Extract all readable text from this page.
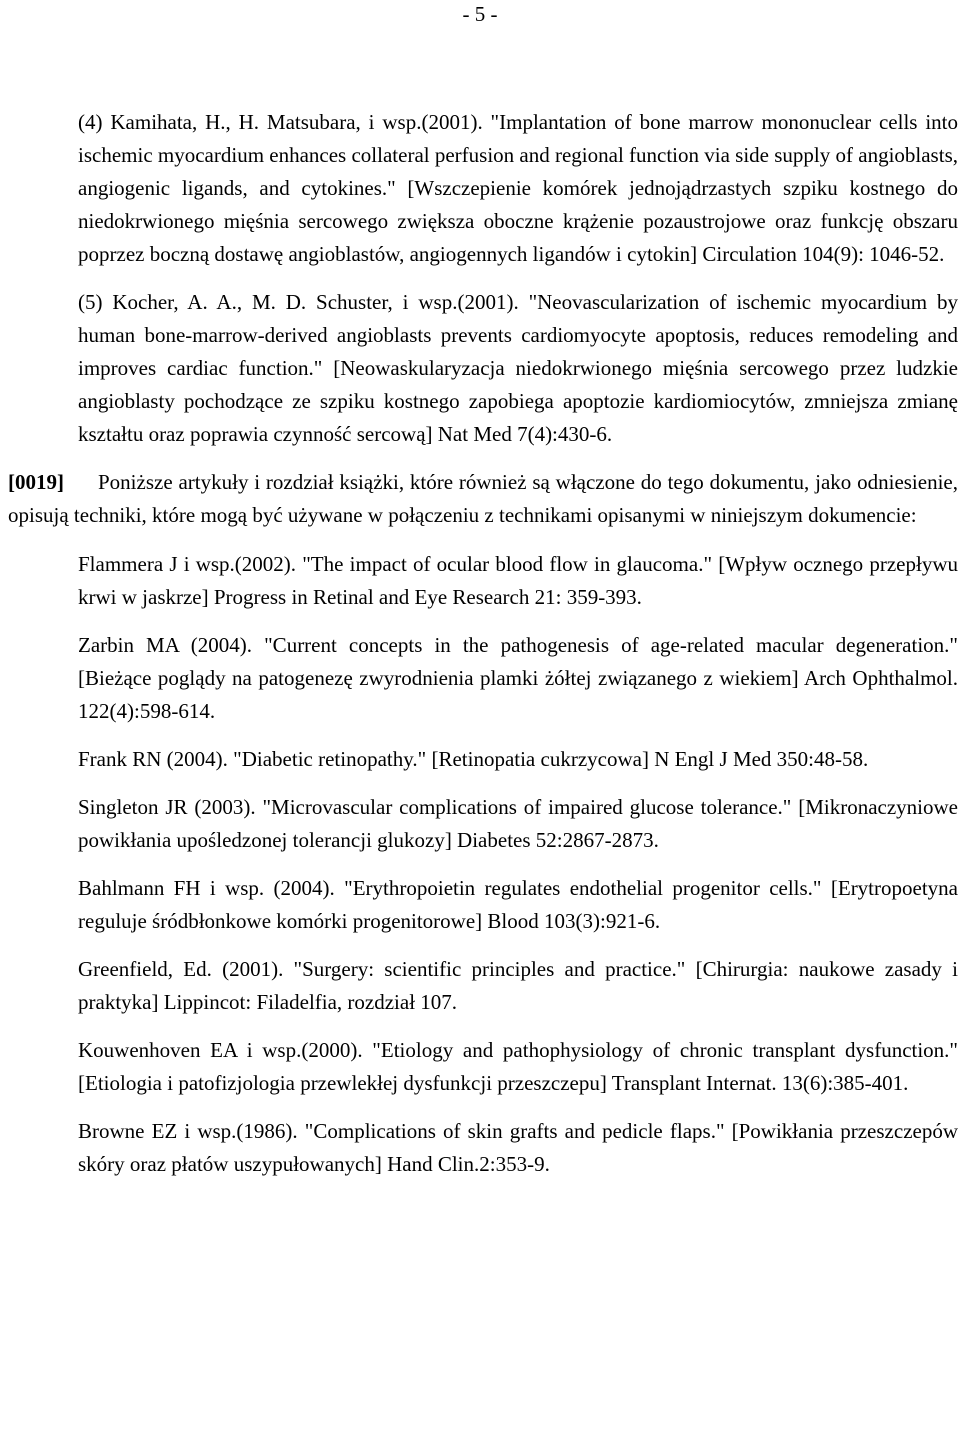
- 5 -

(4) Kamihata, H., H. Matsubara, i wsp.(2001). "Implantation of bone marrow mononuclear cells into ischemic myocardium enhances collateral perfusion and regional function via side supply of angioblasts, angiogenic ligands, and cytokines." [Wszczepienie komórek jednojądrzastych szpiku kostnego do niedokrwionego mięśnia sercowego zwiększa oboczne krążenie pozaustrojowe oraz funkcję obszaru poprzez boczną dostawę angioblastów, angiogennych ligandów i cytokin] Circulation 104(9): 1046-52.

(5) Kocher, A. A., M. D. Schuster, i wsp.(2001). "Neovascularization of ischemic myocardium by human bone-marrow-derived angioblasts prevents cardiomyocyte apoptosis, reduces remodeling and improves cardiac function." [Neowaskularyzacja niedokrwionego mięśnia sercowego przez ludzkie angioblasty pochodzące ze szpiku kostnego zapobiega apoptozie kardiomiocytów, zmniejsza zmianę kształtu oraz poprawia czynność sercową] Nat Med 7(4):430-6.

[0019] Poniższe artykuły i rozdział książki, które również są włączone do tego dokumentu, jako odniesienie, opisują techniki, które mogą być używane w połączeniu z technikami opisanymi w niniejszym dokumencie:

Flammera J i wsp.(2002). "The impact of ocular blood flow in glaucoma." [Wpływ ocznego przepływu krwi w jaskrze] Progress in Retinal and Eye Research 21: 359-393.

Zarbin MA (2004). "Current concepts in the pathogenesis of age-related macular degeneration." [Bieżące poglądy na patogenezę zwyrodnienia plamki żółtej związanego z wiekiem] Arch Ophthalmol. 122(4):598-614.

Frank RN (2004). "Diabetic retinopathy." [Retinopatia cukrzycowa] N Engl J Med 350:48-58.

Singleton JR (2003). "Microvascular complications of impaired glucose tolerance." [Mikronaczyniowe powikłania upośledzonej tolerancji glukozy] Diabetes 52:2867-2873.

Bahlmann FH i wsp. (2004). "Erythropoietin regulates endothelial progenitor cells." [Erytropoetyna reguluje śródbłonkowe komórki progenitorowe] Blood 103(3):921-6.

Greenfield, Ed. (2001). "Surgery: scientific principles and practice." [Chirurgia: naukowe zasady i praktyka] Lippincot: Filadelfia, rozdział 107.

Kouwenhoven EA i wsp.(2000). "Etiology and pathophysiology of chronic transplant dysfunction." [Etiologia i patofizjologia przewlekłej dysfunkcji przeszczepu] Transplant Internat. 13(6):385-401.

Browne EZ i wsp.(1986). "Complications of skin grafts and pedicle flaps." [Powikłania przeszczepów skóry oraz płatów uszypułowanych] Hand Clin.2:353-9.
